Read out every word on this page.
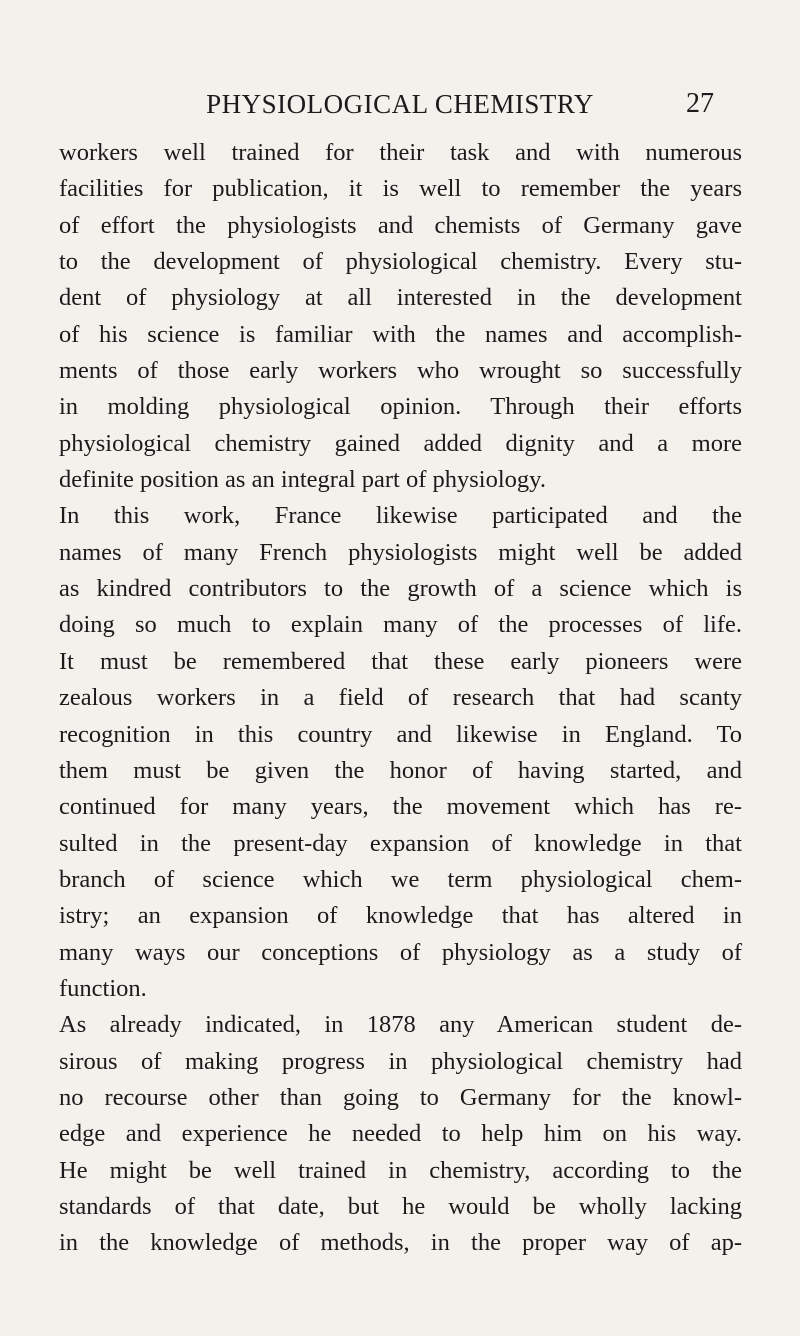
PHYSIOLOGICAL CHEMISTRY	27
workers well trained for their task and with numerous
facilities for publication, it is well to remember the years
of effort the physiologists and chemists of Germany gave
to the development of physiological chemistry. Every stu-
dent of physiology at all interested in the development
of his science is familiar with the names and accomplish-
ments of those early workers who wrought so successfully
in molding physiological opinion. Through their efforts
physiological chemistry gained added dignity and a more
definite position as an integral part of physiology.
In this work, France likewise participated and the
names of many French physiologists might well be added
as kindred contributors to the growth of a science which is
doing so much to explain many of the processes of life.
It must be remembered that these early pioneers were
zealous workers in a field of research that had scanty
recognition in this country and likewise in England. To
them must be given the honor of having started, and
continued for many years, the movement which has re-
sulted in the present-day expansion of knowledge in that
branch of science which we term physiological chem-
istry; an expansion of knowledge that has altered in
many ways our conceptions of physiology as a study of
function.
As already indicated, in 1878 any American student de-
sirous of making progress in physiological chemistry had
no recourse other than going to Germany for the knowl-
edge and experience he needed to help him on his way.
He might be well trained in chemistry, according to the
standards of that date, but he would be wholly lacking
in the knowledge of methods, in the proper way of ap-
